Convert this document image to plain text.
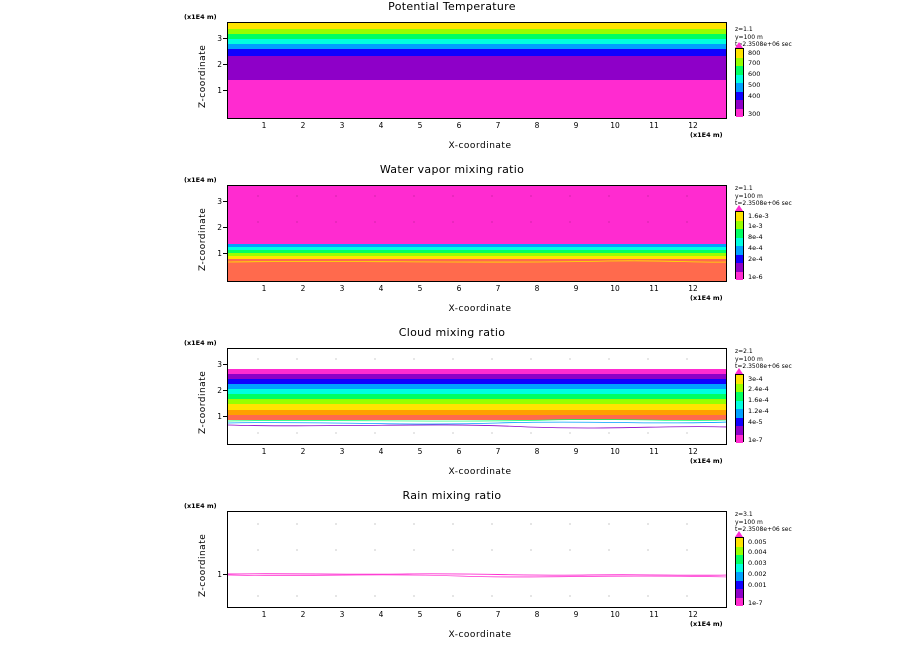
Potential Temperature
(x1E4 m)
Z-coordinate	1
2
3
1	2	3	4	5	6	7	8	9	10	11	12
(x1E4 m)
X-coordinate
z=1.1
y=100 m
t=2.3508e+06 sec
800
700
600
500
400
300
Water vapor mixing ratio
(x1E4 m)
Z-coordinate	1
2
3
1	2	3	4	5	6	7	8	9	10	11	12
(x1E4 m)
X-coordinate
z=1.1
y=100 m
t=2.3508e+06 sec
1.6e-3
1e-3
8e-4
4e-4
2e-4
1e-6
Cloud mixing ratio
(x1E4 m)
Z-coordinate	1
2
3
1	2	3	4	5	6	7	8	9	10	11	12
(x1E4 m)
X-coordinate
z=2.1
y=100 m
t=2.3508e+06 sec
3e-4
2.4e-4
1.6e-4
1.2e-4
4e-5
1e-7
Rain mixing ratio
(x1E4 m)
Z-coordinate	1
1	2	3	4	5	6	7	8	9	10	11	12
(x1E4 m)
X-coordinate
z=3.1
y=100 m
t=2.3508e+06 sec
0.005
0.004
0.003
0.002
0.001
1e-7
